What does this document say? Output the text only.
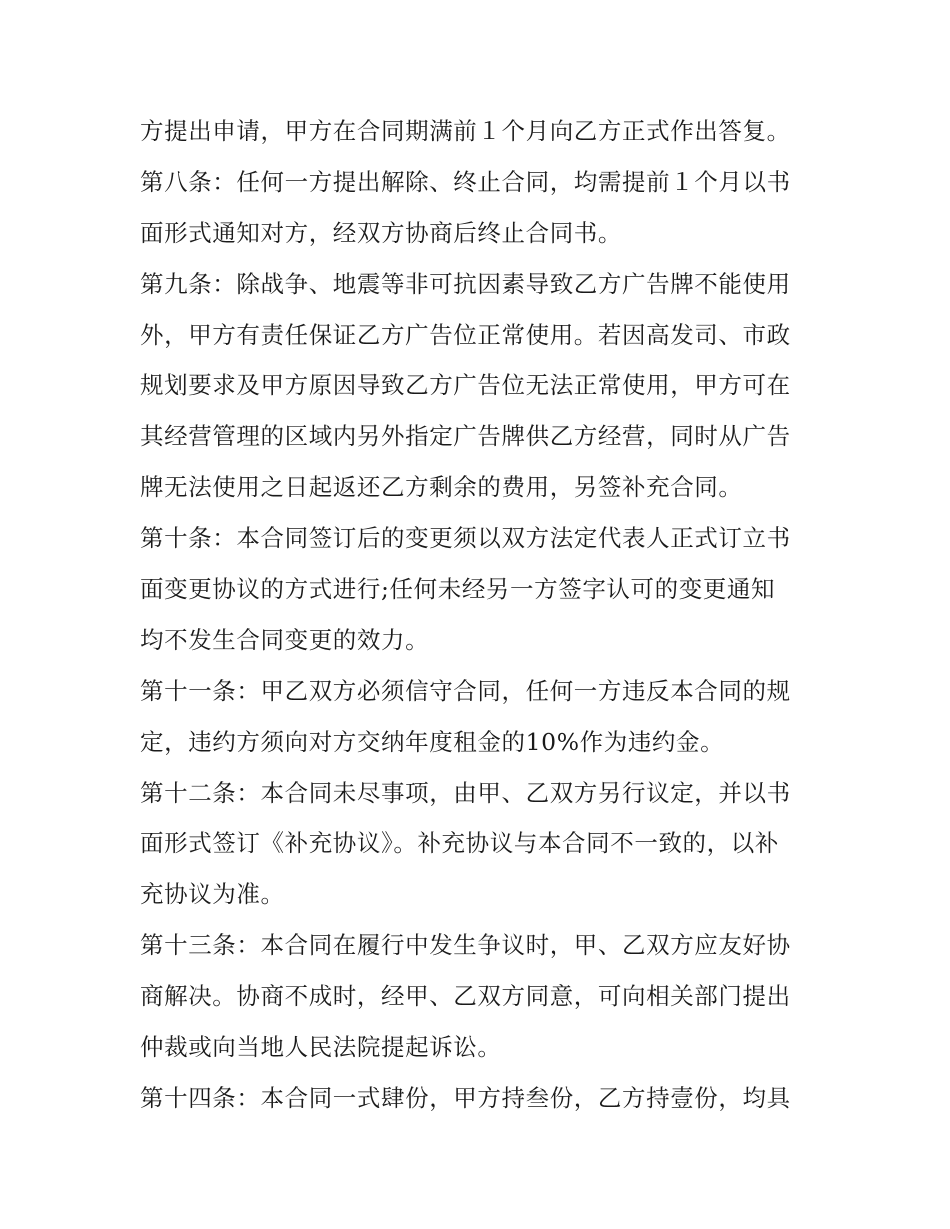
方提出申请，甲方在合同期满前１个月向乙方正式作出答复。
第八条：任何一方提出解除、终止合同，均需提前１个月以书
面形式通知对方，经双方协商后终止合同书。
第九条：除战争、地震等非可抗因素导致乙方广告牌不能使用
外，甲方有责任保证乙方广告位正常使用。若因高发司、市政
规划要求及甲方原因导致乙方广告位无法正常使用，甲方可在
其经营管理的区域内另外指定广告牌供乙方经营，同时从广告
牌无法使用之日起返还乙方剩余的费用，另签补充合同。
第十条：本合同签订后的变更须以双方法定代表人正式订立书
面变更协议的方式进行;任何未经另一方签字认可的变更通知
均不发生合同变更的效力。
第十一条：甲乙双方必须信守合同，任何一方违反本合同的规
定，违约方须向对方交纳年度租金的10%作为违约金。
第十二条：本合同未尽事项，由甲、乙双方另行议定，并以书
面形式签订《补充协议》。补充协议与本合同不一致的，以补
充协议为准。
第十三条：本合同在履行中发生争议时，甲、乙双方应友好协
商解决。协商不成时，经甲、乙双方同意，可向相关部门提出
仲裁或向当地人民法院提起诉讼。
第十四条：本合同一式肆份，甲方持叁份，乙方持壹份，均具
